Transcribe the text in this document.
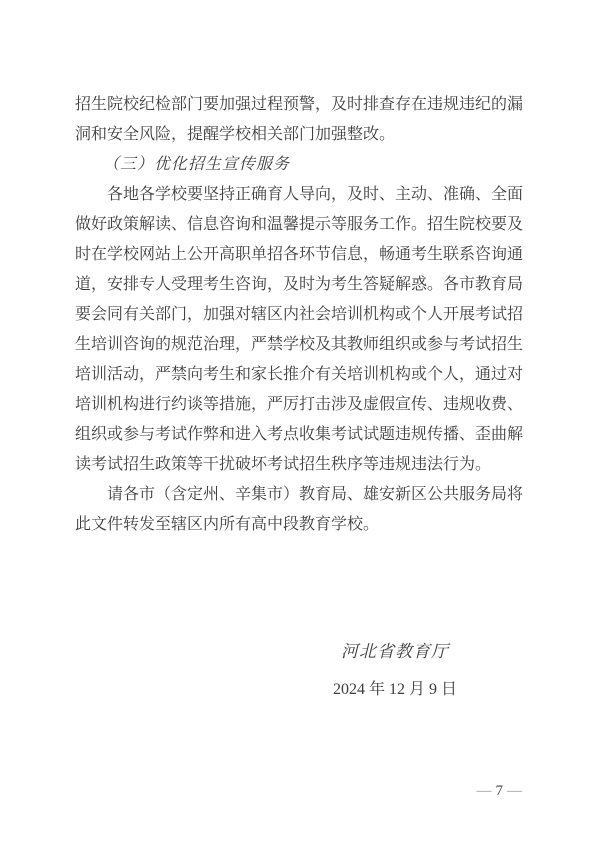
招生院校纪检部门要加强过程预警，及时排查存在违规违纪的漏
洞和安全风险，提醒学校相关部门加强整改。
（三）优化招生宣传服务
各地各学校要坚持正确育人导向，及时、主动、准确、全面
做好政策解读、信息咨询和温馨提示等服务工作。招生院校要及
时在学校网站上公开高职单招各环节信息，畅通考生联系咨询通
道，安排专人受理考生咨询，及时为考生答疑解惑。各市教育局
要会同有关部门，加强对辖区内社会培训机构或个人开展考试招
生培训咨询的规范治理，严禁学校及其教师组织或参与考试招生
培训活动，严禁向考生和家长推介有关培训机构或个人，通过对
培训机构进行约谈等措施，严厉打击涉及虚假宣传、违规收费、
组织或参与考试作弊和进入考点收集考试试题违规传播、歪曲解
读考试招生政策等干扰破坏考试招生秩序等违规违法行为。
请各市（含定州、辛集市）教育局、雄安新区公共服务局将
此文件转发至辖区内所有高中段教育学校。
河北省教育厅
2024 年 12 月 9 日
— 7 —
